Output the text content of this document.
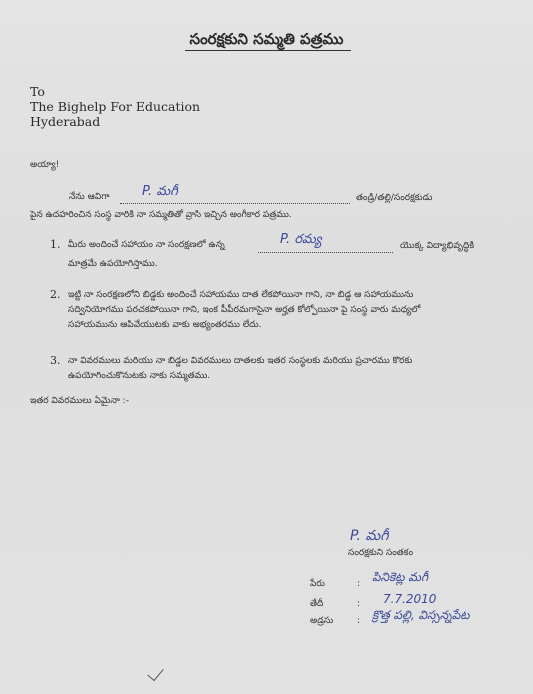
సంరక్షకుని సమ్మతి పత్రము
To
The Bighelp For Education
Hyderabad
అయ్యా!
నేను ఆవిగా	P. మగీ	తండ్రి/తల్లి/సంరక్షకుడు
పైన ఉదహరించిన సంస్థ వారికి నా సమ్మతితో వ్రాసి ఇచ్చిన అంగీకార పత్రము.
1. మీరు అందించే సహాయం నా సంరక్షణలో ఉన్న	P. రమ్య	యొక్క విద్యాభివృద్ధికి
మాత్రమే ఉపయోగిస్తాము.
2. ఇట్టి నా సంరక్షణలోని బిడ్డకు అందించే సహాయము దాత లేకపోయినా గాని, నా బిడ్డ ఆ సహాయమును
సద్వినియోగము పరచకపోయినా గాని, ఇంక పీపీరమగాసైనా అర్హత కోల్పోయినా పై సంస్థ వారు మధ్యలో
సహాయమును ఆపివేయుటకు వాకు అభ్యంతరము లేదు.
3. నా వివరములు మరియు నా బిడ్డల వివరములు దాతలకు ఇతర సంస్థలకు మరియు ప్రచారము కొరకు
ఉపయోగించుకొనుటకు నాకు సమ్మతము.
ఇతర వివరములు ఏమైనా :-
P. మగీ
సంరక్షకుని సంతకం
పేరు	: పినికెట్ల మగీ
తేదీ	: 7.7.2010
అడ్రసు	: క్రొత్త పల్లి, విస్సన్నపేట
